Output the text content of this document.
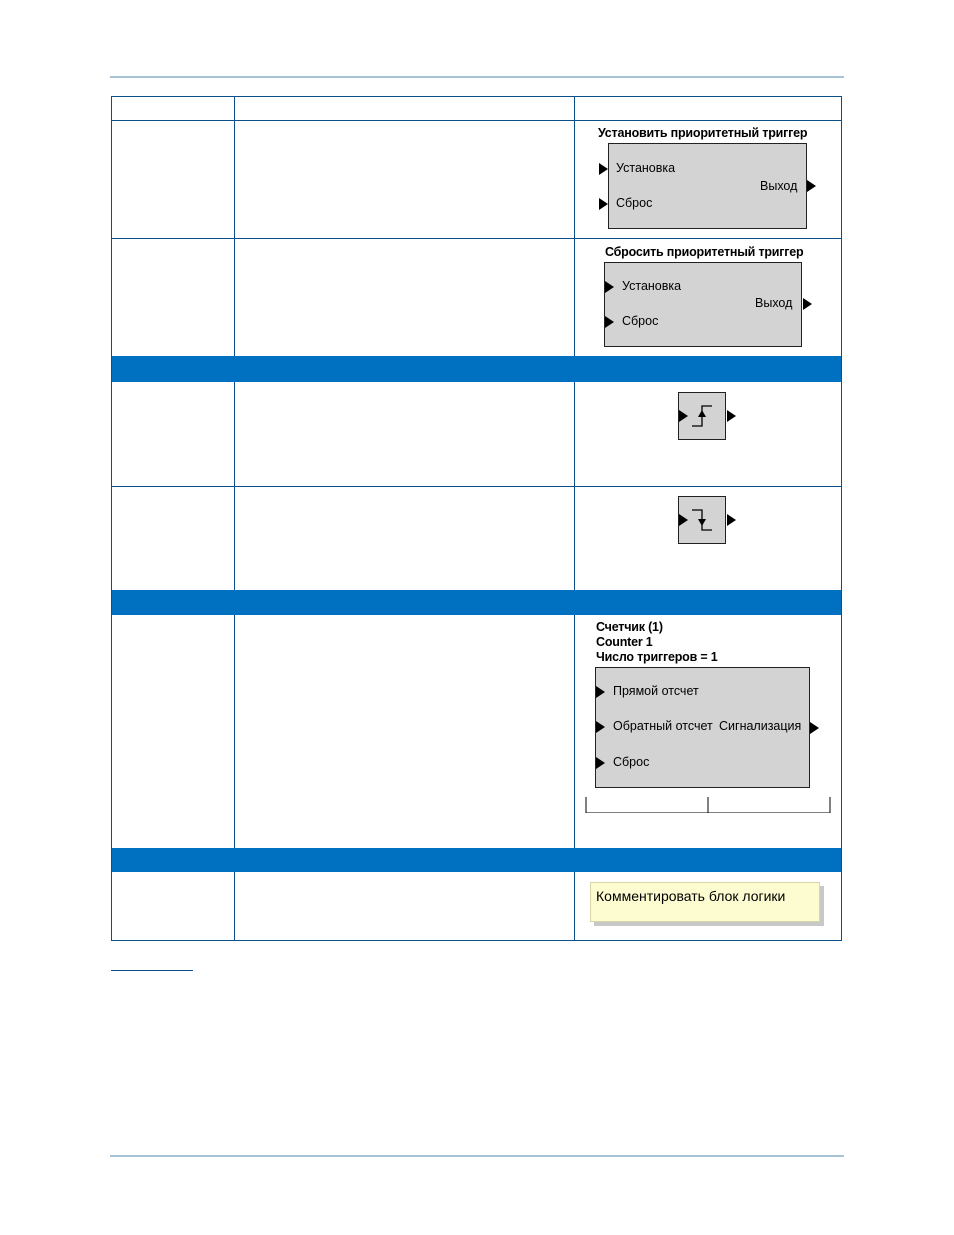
Установить приоритетный триггер
Установка
Сброс
Выход
Сбросить приоритетный триггер
Установка
Сброс
Выход
Счетчик (1)
Counter 1
Число триггеров = 1
Прямой отсчет
Обратный отсчет Сигнализация
Сброс
Комментировать блок логики
